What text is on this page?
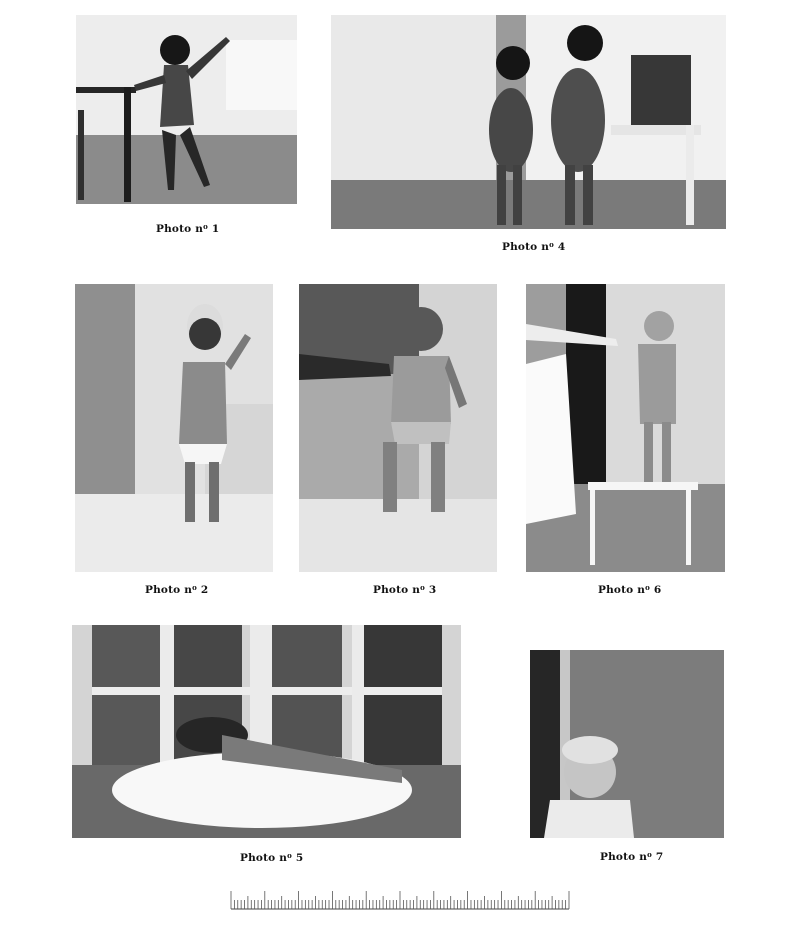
Photo $n^o$ 1
Photo $n^o$ 4
Photo $n^o$ 2	Photo $n^o$ 3	Photo $n^o$ 6
Photo $n^o$ 5	Photo $n^o$ 7
